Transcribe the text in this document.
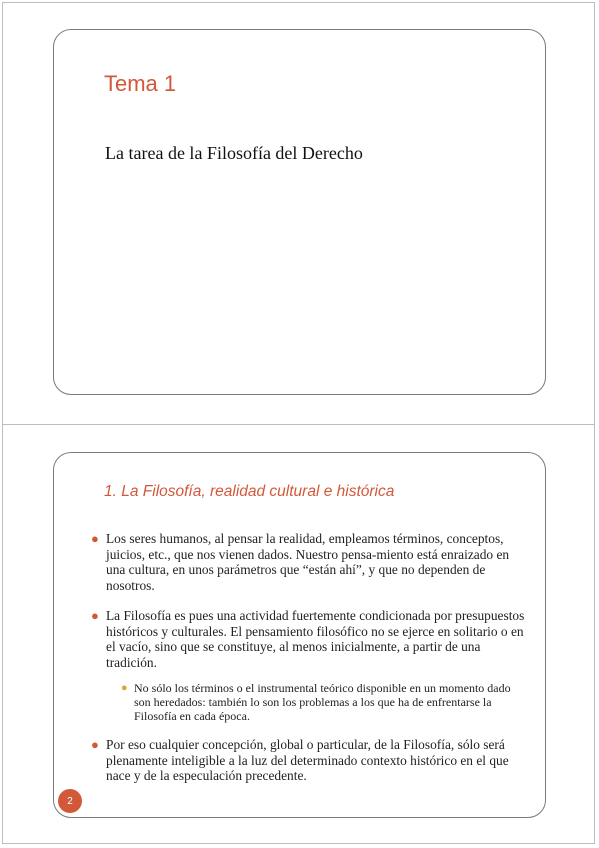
Tema 1
La tarea de la Filosofía del Derecho
1. La Filosofía, realidad cultural e histórica
● Los seres humanos, al pensar la realidad, empleamos términos, conceptos, juicios, etc., que nos vienen dados. Nuestro pensa-miento está enraizado en una cultura, en unos parámetros que “están ahí”, y que no dependen de nosotros.
● La Filosofía es pues una actividad fuertemente condicionada por presupuestos históricos y culturales. El pensamiento filosófico no se ejerce en solitario o en el vacío, sino que se constituye, al menos inicialmente, a partir de una tradición.
● No sólo los términos o el instrumental teórico disponible en un momento dado son heredados: también lo son los problemas a los que ha de enfrentarse la Filosofía en cada época.
● Por eso cualquier concepción, global o particular, de la Filosofía, sólo será plenamente inteligible a la luz del determinado contexto histórico en el que nace y de la especulación precedente.
2
